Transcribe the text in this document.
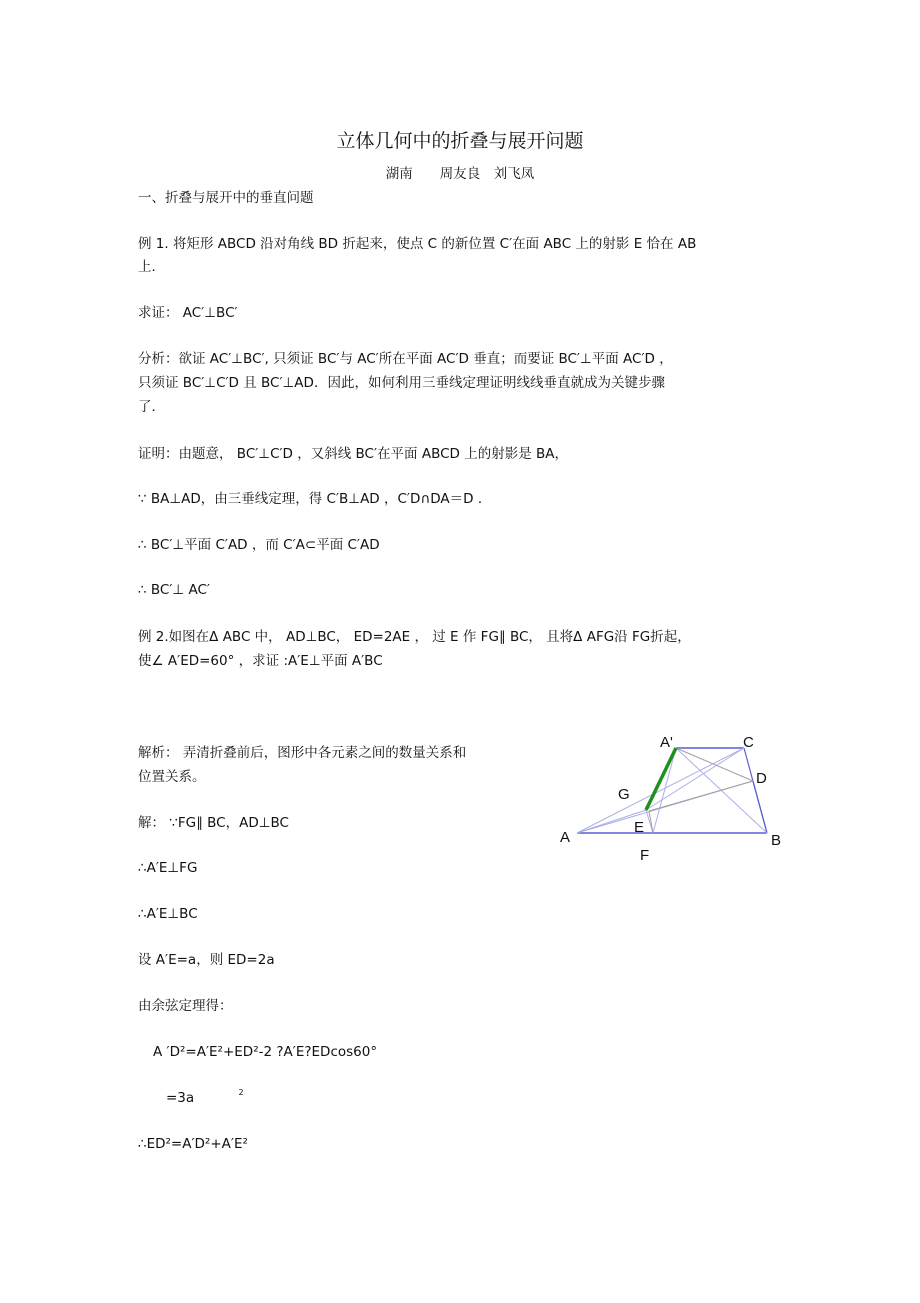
立体几何中的折叠与展开问题
湖南　　周友良　刘飞凤
一、折叠与展开中的垂直问题
例 1. 将矩形 ABCD 沿对角线 BD 折起来，使点 C 的新位置 C′在面 ABC 上的射影 E 恰在 AB
上．
求证： AC′⊥BC′
分析：欲证 AC′⊥BC′, 只须证 BC′与 AC′所在平面 AC′D 垂直；而要证 BC′⊥平面 AC′D ，
只须证 BC′⊥C′D 且 BC′⊥AD．因此，如何利用三垂线定理证明线线垂直就成为关键步骤
了．
证明：由题意， BC′⊥C′D ，又斜线 BC′在平面 ABCD 上的射影是 BA，
∵ BA⊥AD，由三垂线定理，得 C′B⊥AD ，C′D∩DA＝D ．
∴ BC′⊥平面 C′AD ，而 C′A⊂平面 C′AD
∴ BC′⊥ AC′
例 2.如图在Δ ABC 中， AD⊥BC， ED=2AE ， 过 E 作 FG∥ BC， 且将Δ AFG沿 FG折起，
使∠ A′ED=60° ，求证 :A′E⊥平面 A′BC
解析： 弄清折叠前后，图形中各元素之间的数量关系和
位置关系。
解： ∵FG∥ BC，AD⊥BC
∴A′E⊥FG
∴A′E⊥BC
设 A′E=a，则 ED=2a
由余弦定理得：
A ′D²=A′E²+ED²-2 ?A′E?EDcos60°
=3a	$^2$
∴ED²=A′D²+A′E²
A'	C
D
G
E
A	B
F
